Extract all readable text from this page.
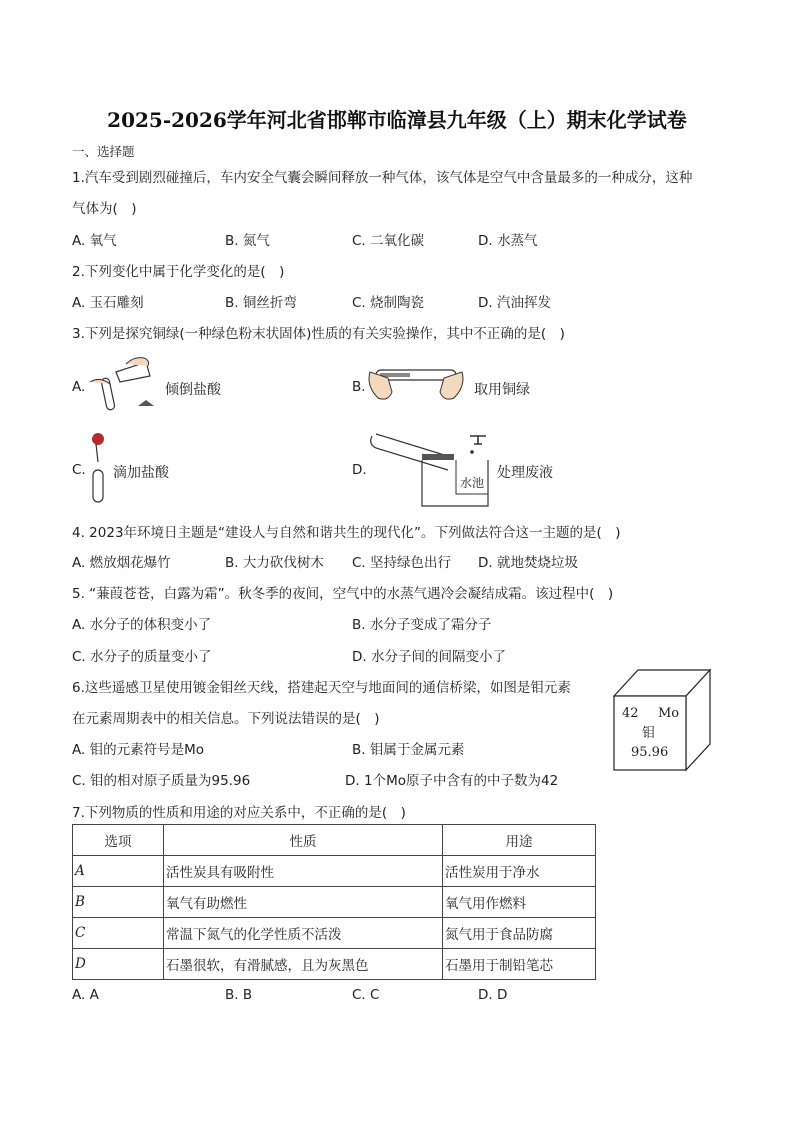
2025-2026学年河北省邯郸市临漳县九年级（上）期末化学试卷
一、选择题
1.汽车受到剧烈碰撞后，车内安全气囊会瞬间释放一种气体，该气体是空气中含量最多的一种成分，这种
气体为(　)
A. 氧气	B. 氮气	C. 二氧化碳	D. 水蒸气
2.下列变化中属于化学变化的是(　)
A. 玉石雕刻	B. 铜丝折弯	C. 烧制陶瓷	D. 汽油挥发
3.下列是探究铜绿(一种绿色粉末状固体)性质的有关实验操作，其中不正确的是(　)
A.	倾倒盐酸	B.	取用铜绿
C. 滴加盐酸	D.
水池
处理废液
4. 2023年环境日主题是“建设人与自然和谐共生的现代化”。下列做法符合这一主题的是(　)
A. 燃放烟花爆竹	B. 大力砍伐树木 C. 坚持绿色出行 D. 就地焚烧垃圾
5. “蒹葭苍苍，白露为霜”。秋冬季的夜间，空气中的水蒸气遇冷会凝结成霜。该过程中(　)
A. 水分子的体积变小了	B. 水分子变成了霜分子
C. 水分子的质量变小了	D. 水分子间的间隔变小了
6.这些遥感卫星使用镀金钼丝天线，搭建起天空与地面间的通信桥梁，如图是钼元素
在元素周期表中的相关信息。下列说法错误的是(　)
A. 钼的元素符号是Mo	B. 钼属于金属元素
C. 钼的相对原子质量为95.96	D. 1个Mo原子中含有的中子数为42
42 Mo
钼
95.96
7.下列物质的性质和用途的对应关系中，不正确的是(　)
选项	性质	用途
A	活性炭具有吸附性	活性炭用于净水
B	氧气有助燃性	氧气用作燃料
C	常温下氮气的化学性质不活泼	氮气用于食品防腐
D	石墨很软，有滑腻感，且为灰黑色	石墨用于制铅笔芯
A. A	B. B	C. C	D. D
